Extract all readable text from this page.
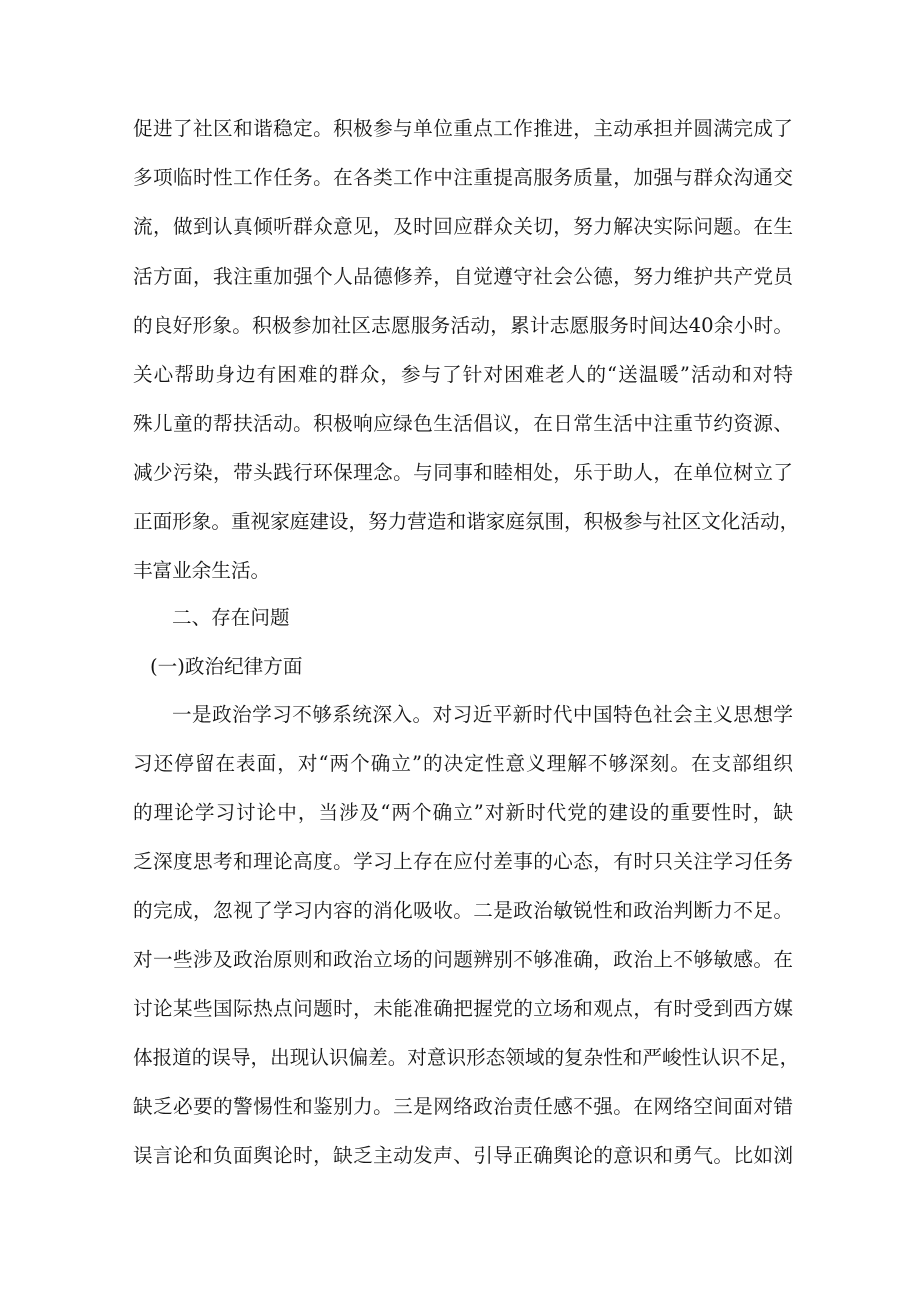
促进了社区和谐稳定。积极参与单位重点工作推进，主动承担并圆满完成了
多项临时性工作任务。在各类工作中注重提高服务质量，加强与群众沟通交
流，做到认真倾听群众意见，及时回应群众关切，努力解决实际问题。在生
活方面，我注重加强个人品德修养，自觉遵守社会公德，努力维护共产党员
的良好形象。积极参加社区志愿服务活动，累计志愿服务时间达40余小时。
关心帮助身边有困难的群众，参与了针对困难老人的“送温暖”活动和对特
殊儿童的帮扶活动。积极响应绿色生活倡议，在日常生活中注重节约资源、
减少污染，带头践行环保理念。与同事和睦相处，乐于助人，在单位树立了
正面形象。重视家庭建设，努力营造和谐家庭氛围，积极参与社区文化活动，
丰富业余生活。
二、存在问题
(一)政治纪律方面
一是政治学习不够系统深入。对习近平新时代中国特色社会主义思想学
习还停留在表面，对“两个确立”的决定性意义理解不够深刻。在支部组织
的理论学习讨论中，当涉及“两个确立”对新时代党的建设的重要性时，缺
乏深度思考和理论高度。学习上存在应付差事的心态，有时只关注学习任务
的完成，忽视了学习内容的消化吸收。二是政治敏锐性和政治判断力不足。
对一些涉及政治原则和政治立场的问题辨别不够准确，政治上不够敏感。在
讨论某些国际热点问题时，未能准确把握党的立场和观点，有时受到西方媒
体报道的误导，出现认识偏差。对意识形态领域的复杂性和严峻性认识不足，
缺乏必要的警惕性和鉴别力。三是网络政治责任感不强。在网络空间面对错
误言论和负面舆论时，缺乏主动发声、引导正确舆论的意识和勇气。比如浏
